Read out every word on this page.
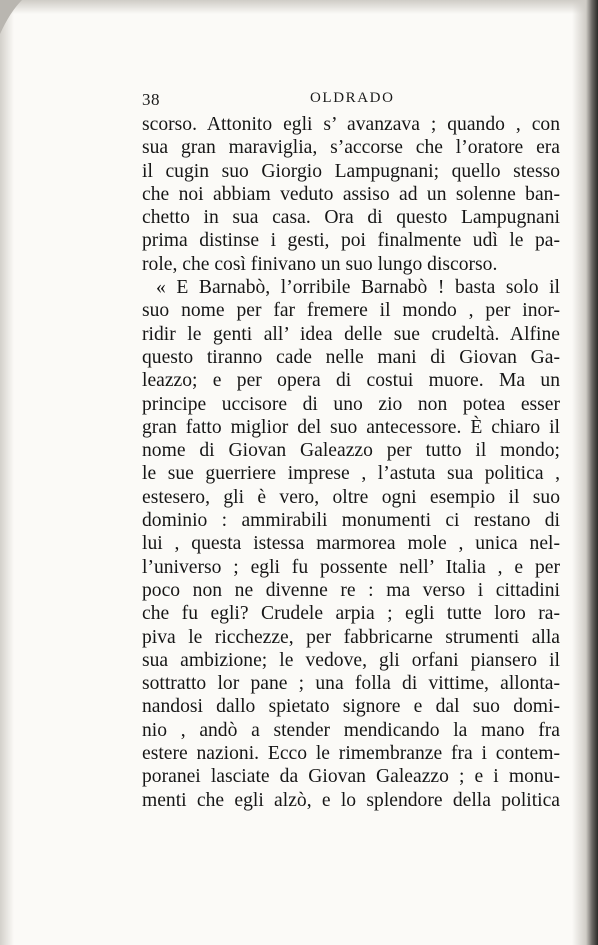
38	OLDRADO
scorso. Attonito egli s’ avanzava ; quando , con
sua gran maraviglia, s’accorse che l’oratore era
il cugin suo Giorgio Lampugnani; quello stesso
che noi abbiam veduto assiso ad un solenne ban-
chetto in sua casa. Ora di questo Lampugnani
prima distinse i gesti, poi finalmente udì le pa-
role, che così finivano un suo lungo discorso.
« E Barnabò, l’orribile Barnabò ! basta solo il
suo nome per far fremere il mondo , per inor-
ridir le genti all’ idea delle sue crudeltà. Alfine
questo tiranno cade nelle mani di Giovan Ga-
leazzo; e per opera di costui muore. Ma un
principe uccisore di uno zio non potea esser
gran fatto miglior del suo antecessore. È chiaro il
nome di Giovan Galeazzo per tutto il mondo;
le sue guerriere imprese , l’astuta sua politica ,
estesero, gli è vero, oltre ogni esempio il suo
dominio : ammirabili monumenti ci restano di
lui , questa istessa marmorea mole , unica nel-
l’universo ; egli fu possente nell’ Italia , e per
poco non ne divenne re : ma verso i cittadini
che fu egli? Crudele arpia ; egli tutte loro ra-
piva le ricchezze, per fabbricarne strumenti alla
sua ambizione; le vedove, gli orfani piansero il
sottratto lor pane ; una folla di vittime, allonta-
nandosi dallo spietato signore e dal suo domi-
nio , andò a stender mendicando la mano fra
estere nazioni. Ecco le rimembranze fra i contem-
poranei lasciate da Giovan Galeazzo ; e i monu-
menti che egli alzò, e lo splendore della politica
